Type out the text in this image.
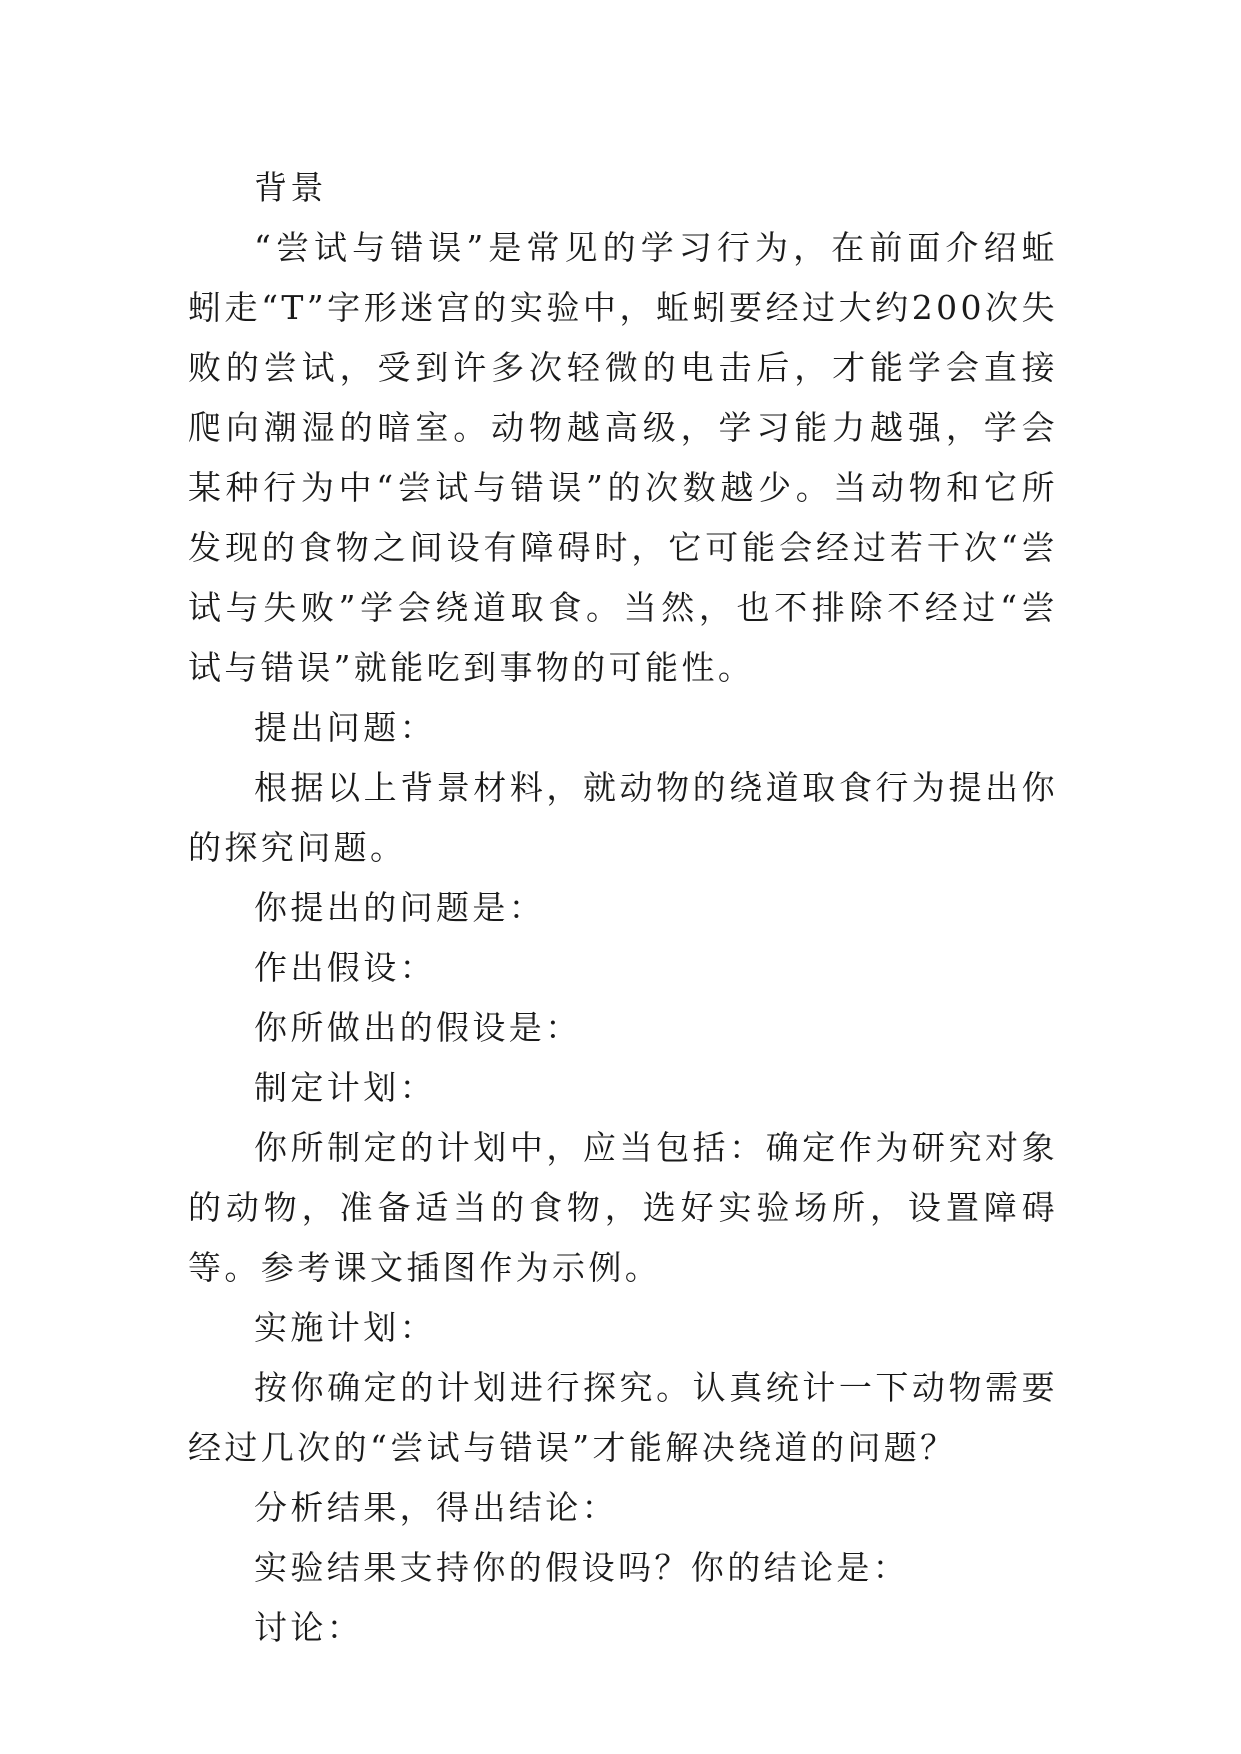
背景

“尝试与错误”是常见的学习行为，在前面介绍蚯蚓走“T”字形迷宫的实验中，蚯蚓要经过大约200次失败的尝试，受到许多次轻微的电击后，才能学会直接爬向潮湿的暗室。动物越高级，学习能力越强，学会某种行为中“尝试与错误”的次数越少。当动物和它所发现的食物之间设有障碍时，它可能会经过若干次“尝试与失败”学会绕道取食。当然，也不排除不经过“尝试与错误”就能吃到事物的可能性。

提出问题：

根据以上背景材料，就动物的绕道取食行为提出你的探究问题。

你提出的问题是：

作出假设：

你所做出的假设是：

制定计划：

你所制定的计划中，应当包括：确定作为研究对象的动物，准备适当的食物，选好实验场所，设置障碍等。参考课文插图作为示例。

实施计划：

按你确定的计划进行探究。认真统计一下动物需要经过几次的“尝试与错误”才能解决绕道的问题？

分析结果，得出结论：

实验结果支持你的假设吗？你的结论是：

讨论：
